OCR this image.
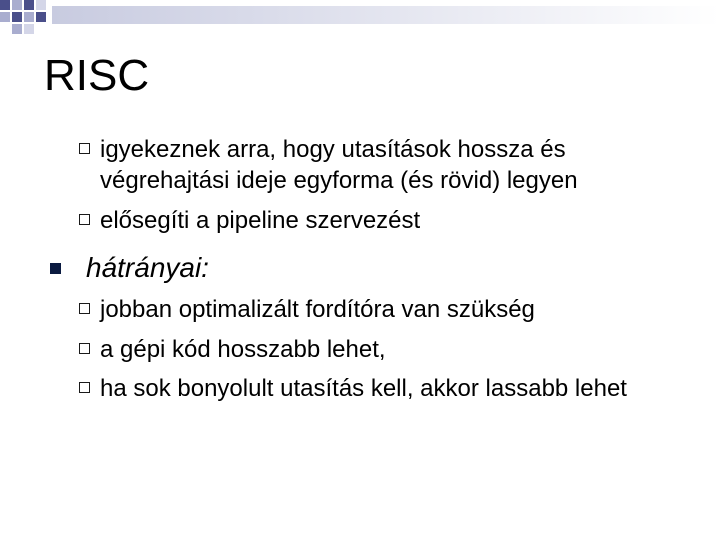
RISC
igyekeznek arra, hogy utasítások hossza és végrehajtási ideje egyforma (és rövid) legyen
elősegíti a pipeline szervezést
hátrányai:
jobban optimalizált fordítóra van szükség
a gépi kód hosszabb lehet,
ha sok bonyolult utasítás kell, akkor lassabb lehet
